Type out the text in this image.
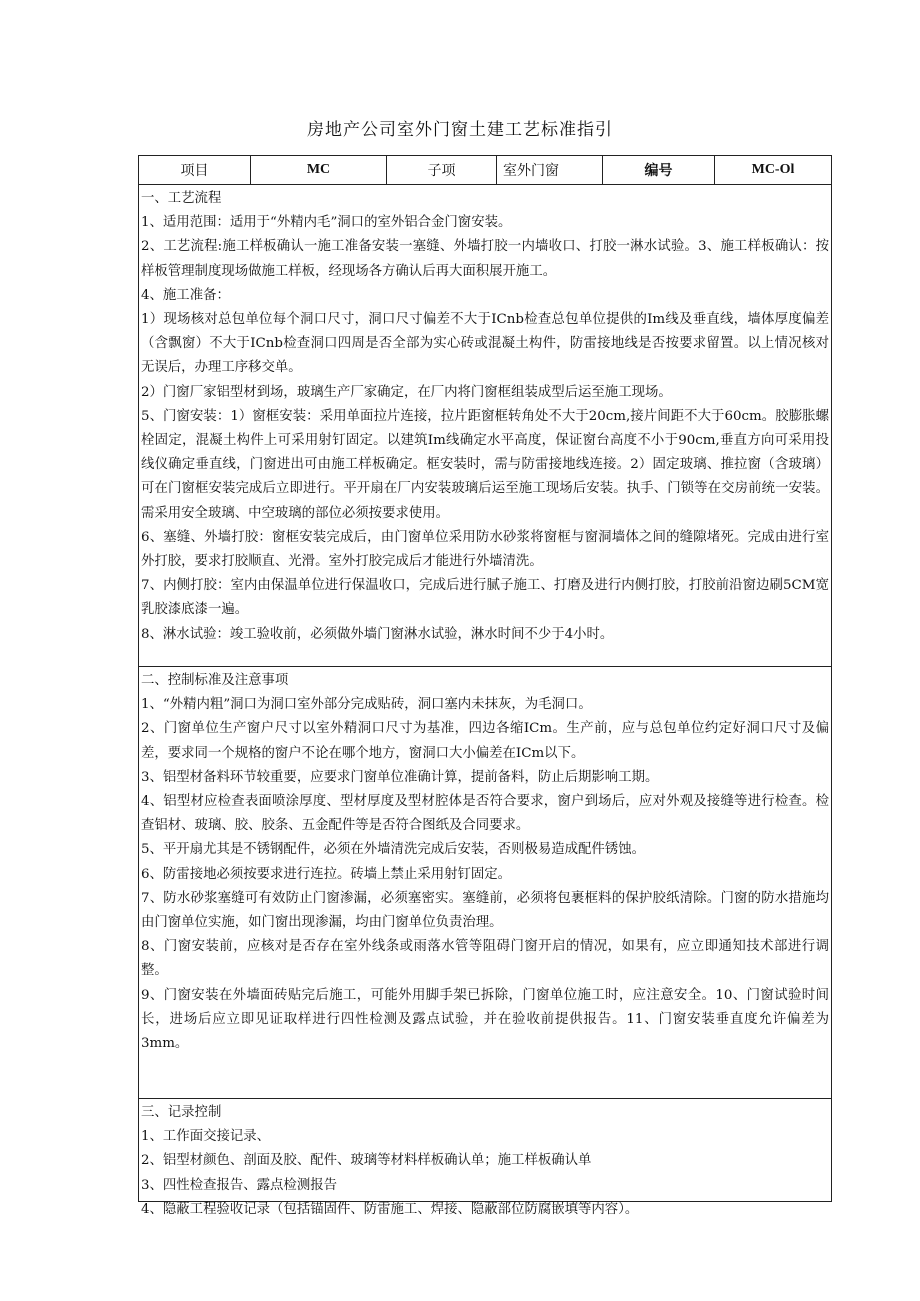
房地产公司室外门窗土建工艺标准指引
项目	MC	子项	室外门窗	编号	MC-Ol

一、工艺流程

1、适用范围：适用于“外精内毛”洞口的室外铝合金门窗安装。

2、工艺流程:施工样板确认一施工准备安装一塞缝、外墙打胶一内墙收口、打胶一淋水试验。3、施工样板确认：按样板管理制度现场做施工样板，经现场各方确认后再大面积展开施工。

4、施工准备：

1）现场核对总包单位每个洞口尺寸，洞口尺寸偏差不大于ICnb检查总包单位提供的Im线及垂直线，墙体厚度偏差（含飘窗）不大于ICnb检查洞口四周是否全部为实心砖或混凝土构件，防雷接地线是否按要求留置。以上情况核对无误后，办理工序移交单。

2）门窗厂家铝型材到场，玻璃生产厂家确定，在厂内将门窗框组装成型后运至施工现场。

5、门窗安装：1）窗框安装：采用单面拉片连接，拉片距窗框转角处不大于20cm,接片间距不大于60cm。胶膨胀螺栓固定，混凝土构件上可采用射钉固定。以建筑Im线确定水平高度，保证窗台高度不小于90cm,垂直方向可采用投线仪确定垂直线，门窗进出可由施工样板确定。框安装时，需与防雷接地线连接。2）固定玻璃、推拉窗（含玻璃）可在门窗框安装完成后立即进行。平开扇在厂内安装玻璃后运至施工现场后安装。执手、门锁等在交房前统一安装。需采用安全玻璃、中空玻璃的部位必须按要求使用。

6、塞缝、外墙打胶：窗框安装完成后，由门窗单位采用防水砂浆将窗框与窗洞墙体之间的缝隙堵死。完成由进行室外打胶，要求打胶顺直、光滑。室外打胶完成后才能进行外墙清洗。

7、内侧打胶：室内由保温单位进行保温收口，完成后进行腻子施工、打磨及进行内侧打胶，打胶前沿窗边刷5CM宽乳胶漆底漆一遍。

8、淋水试验：竣工验收前，必须做外墙门窗淋水试验，淋水时间不少于4小时。

二、控制标准及注意事项

1、“外精内粗”洞口为洞口室外部分完成贴砖，洞口塞内未抹灰，为毛洞口。

2、门窗单位生产窗户尺寸以室外精洞口尺寸为基准，四边各缩ICm。生产前，应与总包单位约定好洞口尺寸及偏差，要求同一个规格的窗户不论在哪个地方，窗洞口大小偏差在ICm以下。

3、铝型材备料环节较重要，应要求门窗单位准确计算，提前备料，防止后期影响工期。

4、铝型材应检查表面喷涂厚度、型材厚度及型材腔体是否符合要求，窗户到场后，应对外观及接缝等进行检查。检查铝材、玻璃、胶、胶条、五金配件等是否符合图纸及合同要求。

5、平开扇尤其是不锈钢配件，必须在外墙清洗完成后安装，否则极易造成配件锈蚀。

6、防雷接地必须按要求进行连拉。砖墙上禁止采用射钉固定。

7、防水砂浆塞缝可有效防止门窗渗漏，必须塞密实。塞缝前，必须将包裹框料的保护胶纸清除。门窗的防水措施均由门窗单位实施，如门窗出现渗漏，均由门窗单位负责治理。

8、门窗安装前，应核对是否存在室外线条或雨落水管等阻碍门窗开启的情况，如果有，应立即通知技术部进行调整。

9、门窗安装在外墙面砖贴完后施工，可能外用脚手架已拆除，门窗单位施工时，应注意安全。10、门窗试验时间长，进场后应立即见证取样进行四性检测及露点试验，并在验收前提供报告。11、门窗安装垂直度允许偏差为3mm。

三、记录控制

1、工作面交接记录、

2、铝型材颜色、剖面及胶、配件、玻璃等材料样板确认单；施工样板确认单

3、四性检查报告、露点检测报告

4、隐蔽工程验收记录（包括锚固件、防雷施工、焊接、隐蔽部位防腐嵌填等内容）。
